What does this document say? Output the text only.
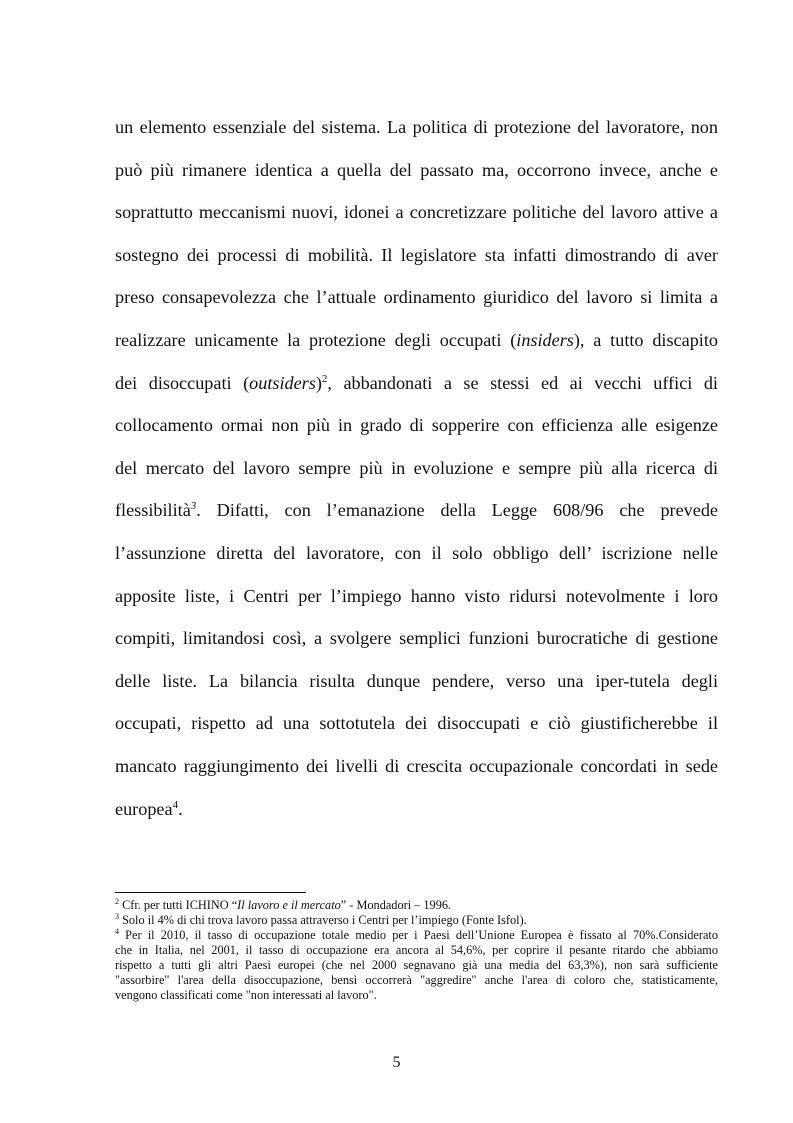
un elemento essenziale del sistema. La politica di protezione del lavoratore, non
può più rimanere identica a quella del passato ma, occorrono invece, anche e
soprattutto meccanismi nuovi, idonei a concretizzare politiche del lavoro attive a
sostegno dei processi di mobilità. Il legislatore sta infatti dimostrando di aver
preso consapevolezza che l’attuale ordinamento giuridico del lavoro si limita a
realizzare unicamente la protezione degli occupati (insiders), a tutto discapito
dei disoccupati (outsiders)$^2$, abbandonati a se stessi ed ai vecchi uffici di
collocamento ormai non più in grado di sopperire con efficienza alle esigenze
del mercato del lavoro sempre più in evoluzione e sempre più alla ricerca di
flessibilità$^3$. Difatti, con l’emanazione della Legge 608/96 che prevede
l’assunzione diretta del lavoratore, con il solo obbligo dell’ iscrizione nelle
apposite liste, i Centri per l’impiego hanno visto ridursi notevolmente i loro
compiti, limitandosi così, a svolgere semplici funzioni burocratiche di gestione
delle liste. La bilancia risulta dunque pendere, verso una iper-tutela degli
occupati, rispetto ad una sottotutela dei disoccupati e ciò giustificherebbe il
mancato raggiungimento dei livelli di crescita occupazionale concordati in sede
europea$^4$.
$^2$ Cfr. per tutti ICHINO “Il lavoro e il mercato” - Mondadori – 1996.
$^3$ Solo il 4% di chi trova lavoro passa attraverso i Centri per l’impiego (Fonte Isfol).
$^4$ Per il 2010, il tasso di occupazione totale medio per i Paesi dell’Unione Europea è fissato al 70%.Considerato
che in Italia, nel 2001, il tasso di occupazione era ancora al 54,6%, per coprire il pesante ritardo che abbiamo
rispetto a tutti gli altri Paesi europei (che nel 2000 segnavano già una media del 63,3%), non sarà sufficiente
"assorbire" l'area della disoccupazione, bensì occorrerà "aggredire" anche l'area di coloro che, statisticamente,
vengono classificati come "non interessati al lavoro".
5
